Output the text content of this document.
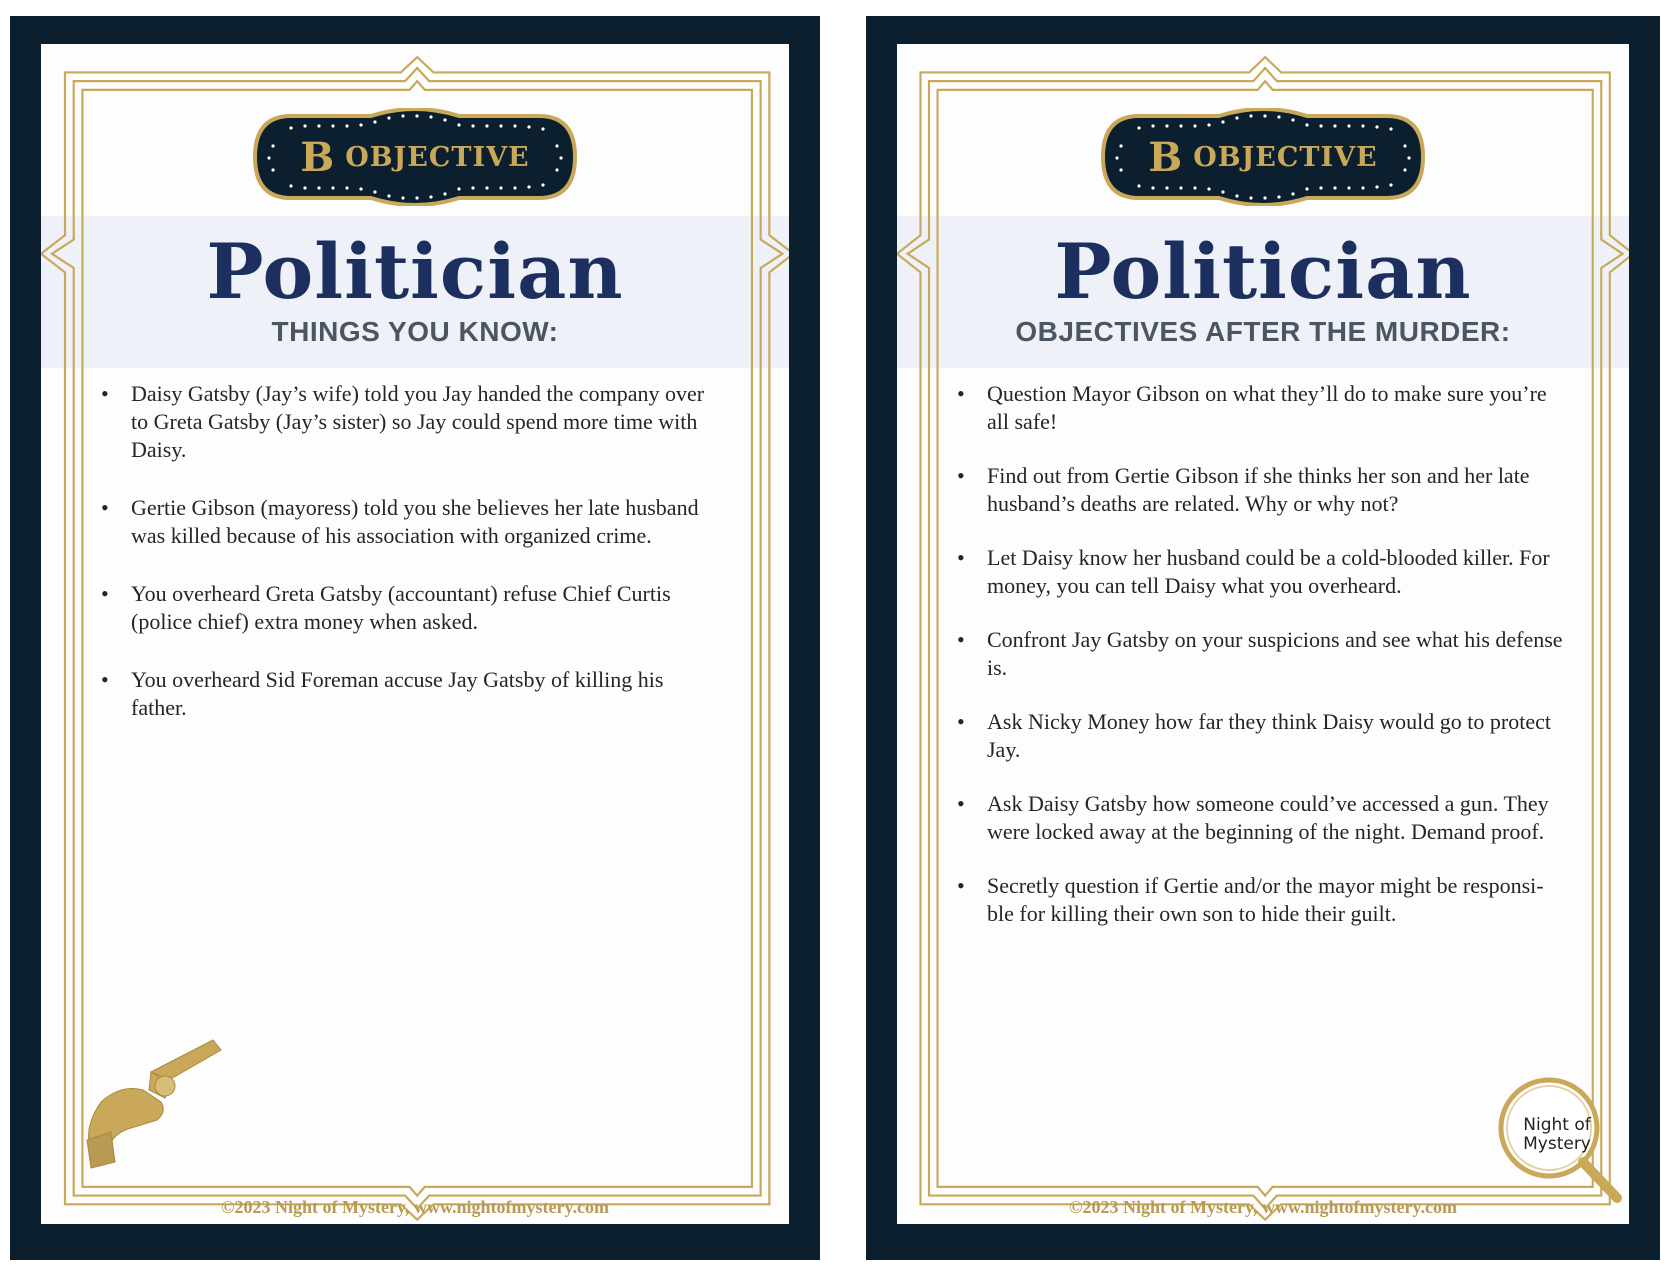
B OBJECTIVE
Politician
THINGS YOU KNOW:
• Daisy Gatsby (Jay’s wife) told you Jay handed the company over to Greta Gatsby (Jay’s sister) so Jay could spend more time with Daisy.
• Gertie Gibson (mayoress) told you she believes her late husband was killed because of his association with organized crime.
• You overheard Greta Gatsby (accountant) refuse Chief Curtis (police chief) extra money when asked.
• You overheard Sid Foreman accuse Jay Gatsby of killing his father.
©2023 Night of Mystery, www.nightofmystery.com
B OBJECTIVE
Politician
OBJECTIVES AFTER THE MURDER:
• Question Mayor Gibson on what they’ll do to make sure you’re all safe!
• Find out from Gertie Gibson if she thinks her son and her late husband’s deaths are related. Why or why not?
• Let Daisy know her husband could be a cold-blooded killer. For money, you can tell Daisy what you overheard.
• Confront Jay Gatsby on your suspicions and see what his defense is.
• Ask Nicky Money how far they think Daisy would go to protect Jay.
• Ask Daisy Gatsby how someone could’ve accessed a gun. They were locked away at the beginning of the night. Demand proof.
• Secretly question if Gertie and/or the mayor might be responsi-ble for killing their own son to hide their guilt.
Night of Mystery
©2023 Night of Mystery, www.nightofmystery.com
